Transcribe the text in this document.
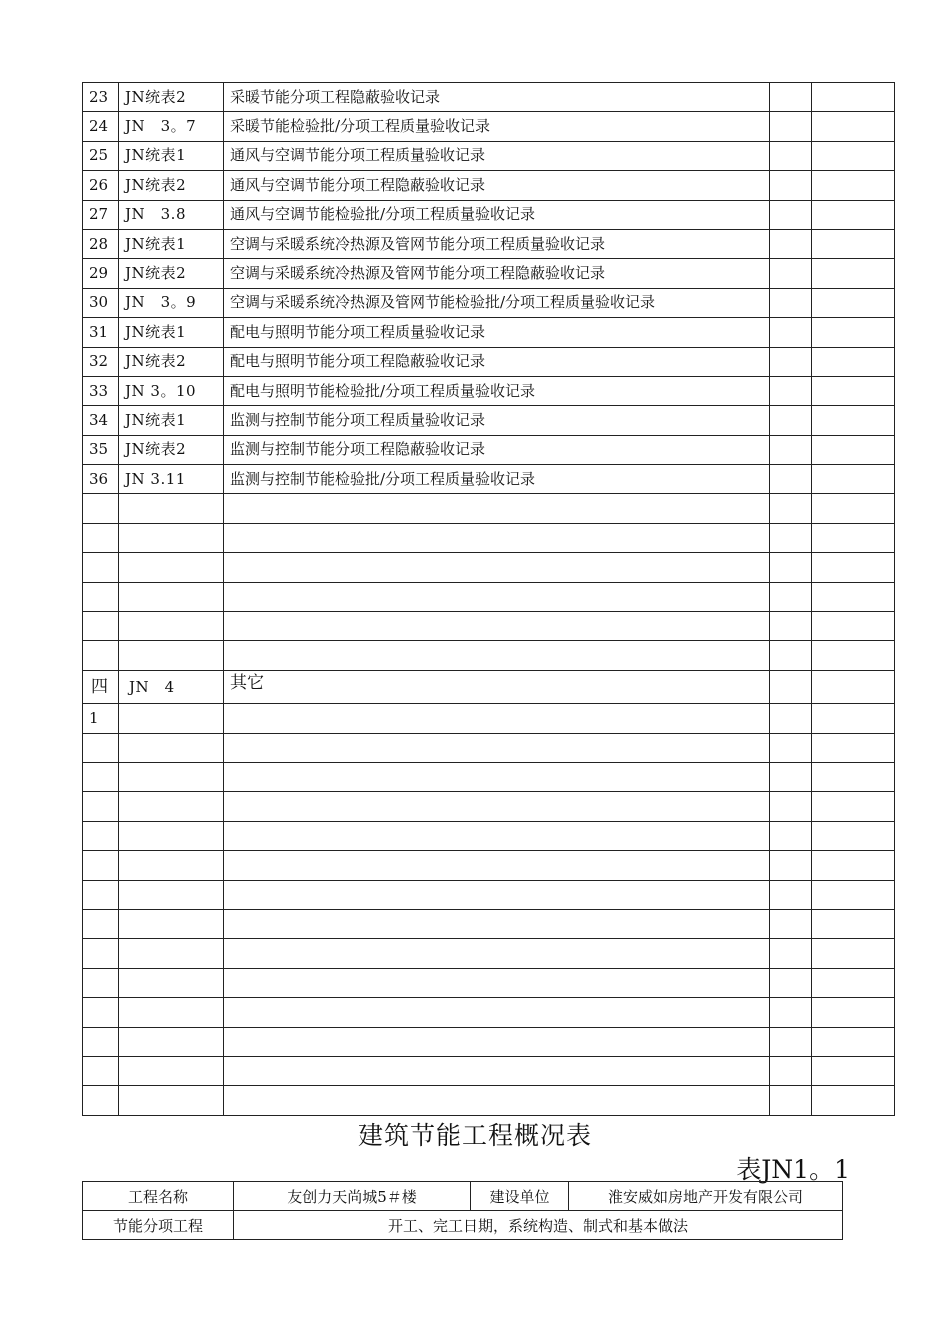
23	JN统表2	采暖节能分项工程隐蔽验收记录		
24	JN　3。7	采暖节能检验批/分项工程质量验收记录		
25	JN统表1	通风与空调节能分项工程质量验收记录		
26	JN统表2	通风与空调节能分项工程隐蔽验收记录		
27	JN　3.8	通风与空调节能检验批/分项工程质量验收记录		
28	JN统表1	空调与采暖系统冷热源及管网节能分项工程质量验收记录		
29	JN统表2	空调与采暖系统冷热源及管网节能分项工程隐蔽验收记录		
30	JN　3。9	空调与采暖系统冷热源及管网节能检验批/分项工程质量验收记录		
31	JN统表1	配电与照明节能分项工程质量验收记录		
32	JN统表2	配电与照明节能分项工程隐蔽验收记录		
33	JN 3。10	配电与照明节能检验批/分项工程质量验收记录		
34	JN统表1	监测与控制节能分项工程质量验收记录		
35	JN统表2	监测与控制节能分项工程隐蔽验收记录		
36	JN 3.11	监测与控制节能检验批/分项工程质量验收记录		

四	JN　4	其它		
1				

建筑节能工程概况表
表JN1。1
工程名称	友创力天尚城5＃楼	建设单位	淮安威如房地产开发有限公司
节能分项工程	开工、完工日期，系统构造、制式和基本做法		
